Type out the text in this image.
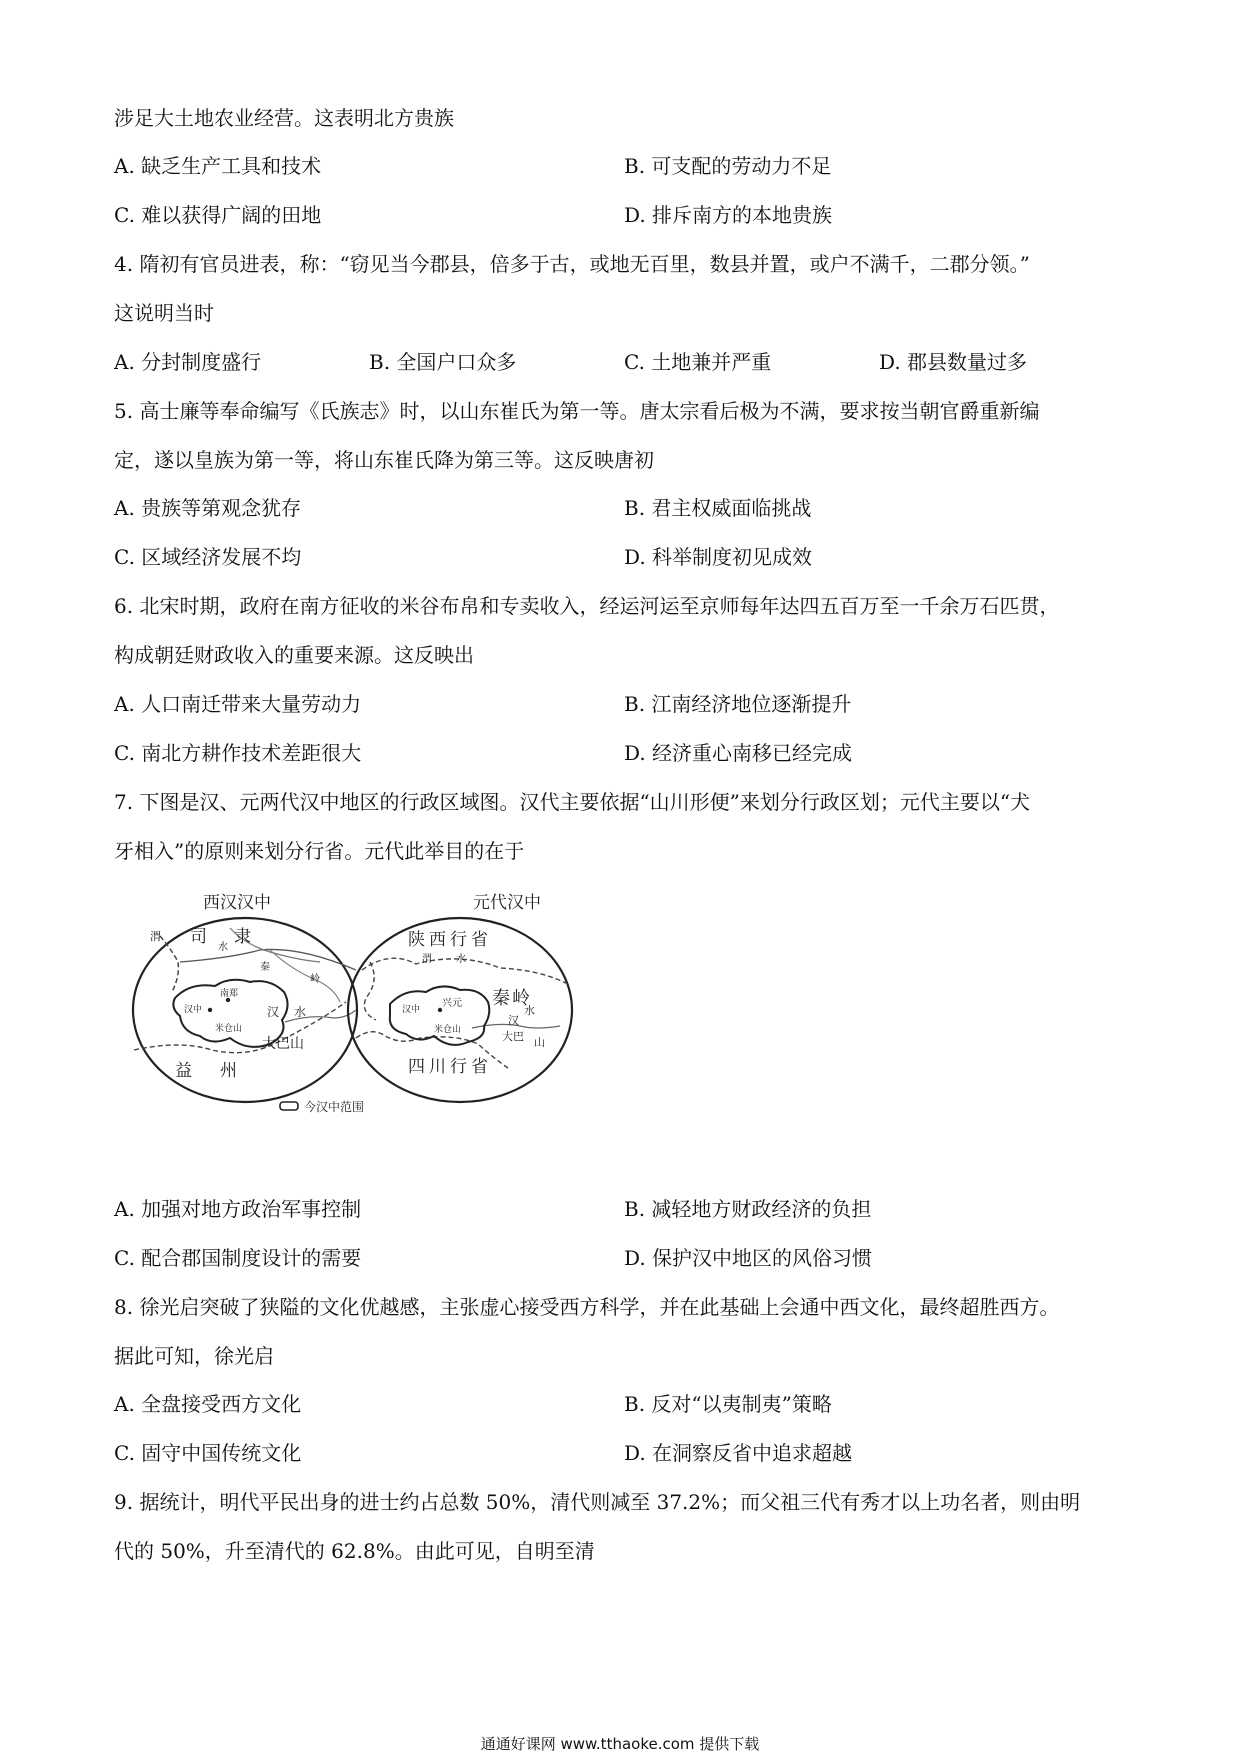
涉足大土地农业经营。这表明北方贵族
A. 缺乏生产工具和技术	B. 可支配的劳动力不足
C. 难以获得广阔的田地	D. 排斥南方的本地贵族
4. 隋初有官员进表，称：“窃见当今郡县，倍多于古，或地无百里，数县并置，或户不满千，二郡分领。”
这说明当时
A. 分封制度盛行	B. 全国户口众多	C. 土地兼并严重	D. 郡县数量过多
5. 高士廉等奉命编写《氏族志》时，以山东崔氏为第一等。唐太宗看后极为不满，要求按当朝官爵重新编
定，遂以皇族为第一等，将山东崔氏降为第三等。这反映唐初
A. 贵族等第观念犹存	B. 君主权威面临挑战
C. 区域经济发展不均	D. 科举制度初见成效
6. 北宋时期，政府在南方征收的米谷布帛和专卖收入，经运河运至京师每年达四五百万至一千余万石匹贯，
构成朝廷财政收入的重要来源。这反映出
A. 人口南迁带来大量劳动力	B. 江南经济地位逐渐提升
C. 南北方耕作技术差距很大	D. 经济重心南移已经完成
7. 下图是汉、元两代汉中地区的行政区域图。汉代主要依据“山川形便”来划分行政区划；元代主要以“犬
牙相入”的原则来划分行省。元代此举目的在于
西汉汉中	元代汉中
渭 司
水
隶
秦
岭
南郑
汉中
米仓山
汉 水
大巴山
益 州
陕西行省
渭 水
秦岭
兴元
汉中
米仓山
汉
水
大巴 山
四川行省
今汉中范围
A. 加强对地方政治军事控制	B. 减轻地方财政经济的负担
C. 配合郡国制度设计的需要	D. 保护汉中地区的风俗习惯
8. 徐光启突破了狭隘的文化优越感，主张虚心接受西方科学，并在此基础上会通中西文化，最终超胜西方。
据此可知，徐光启
A. 全盘接受西方文化	B. 反对“以夷制夷”策略
C. 固守中国传统文化	D. 在洞察反省中追求超越
9. 据统计，明代平民出身的进士约占总数 50%，清代则减至 37.2%；而父祖三代有秀才以上功名者，则由明
代的 50%，升至清代的 62.8%。由此可见，自明至清
通通好课网 www.tthaoke.com 提供下载
